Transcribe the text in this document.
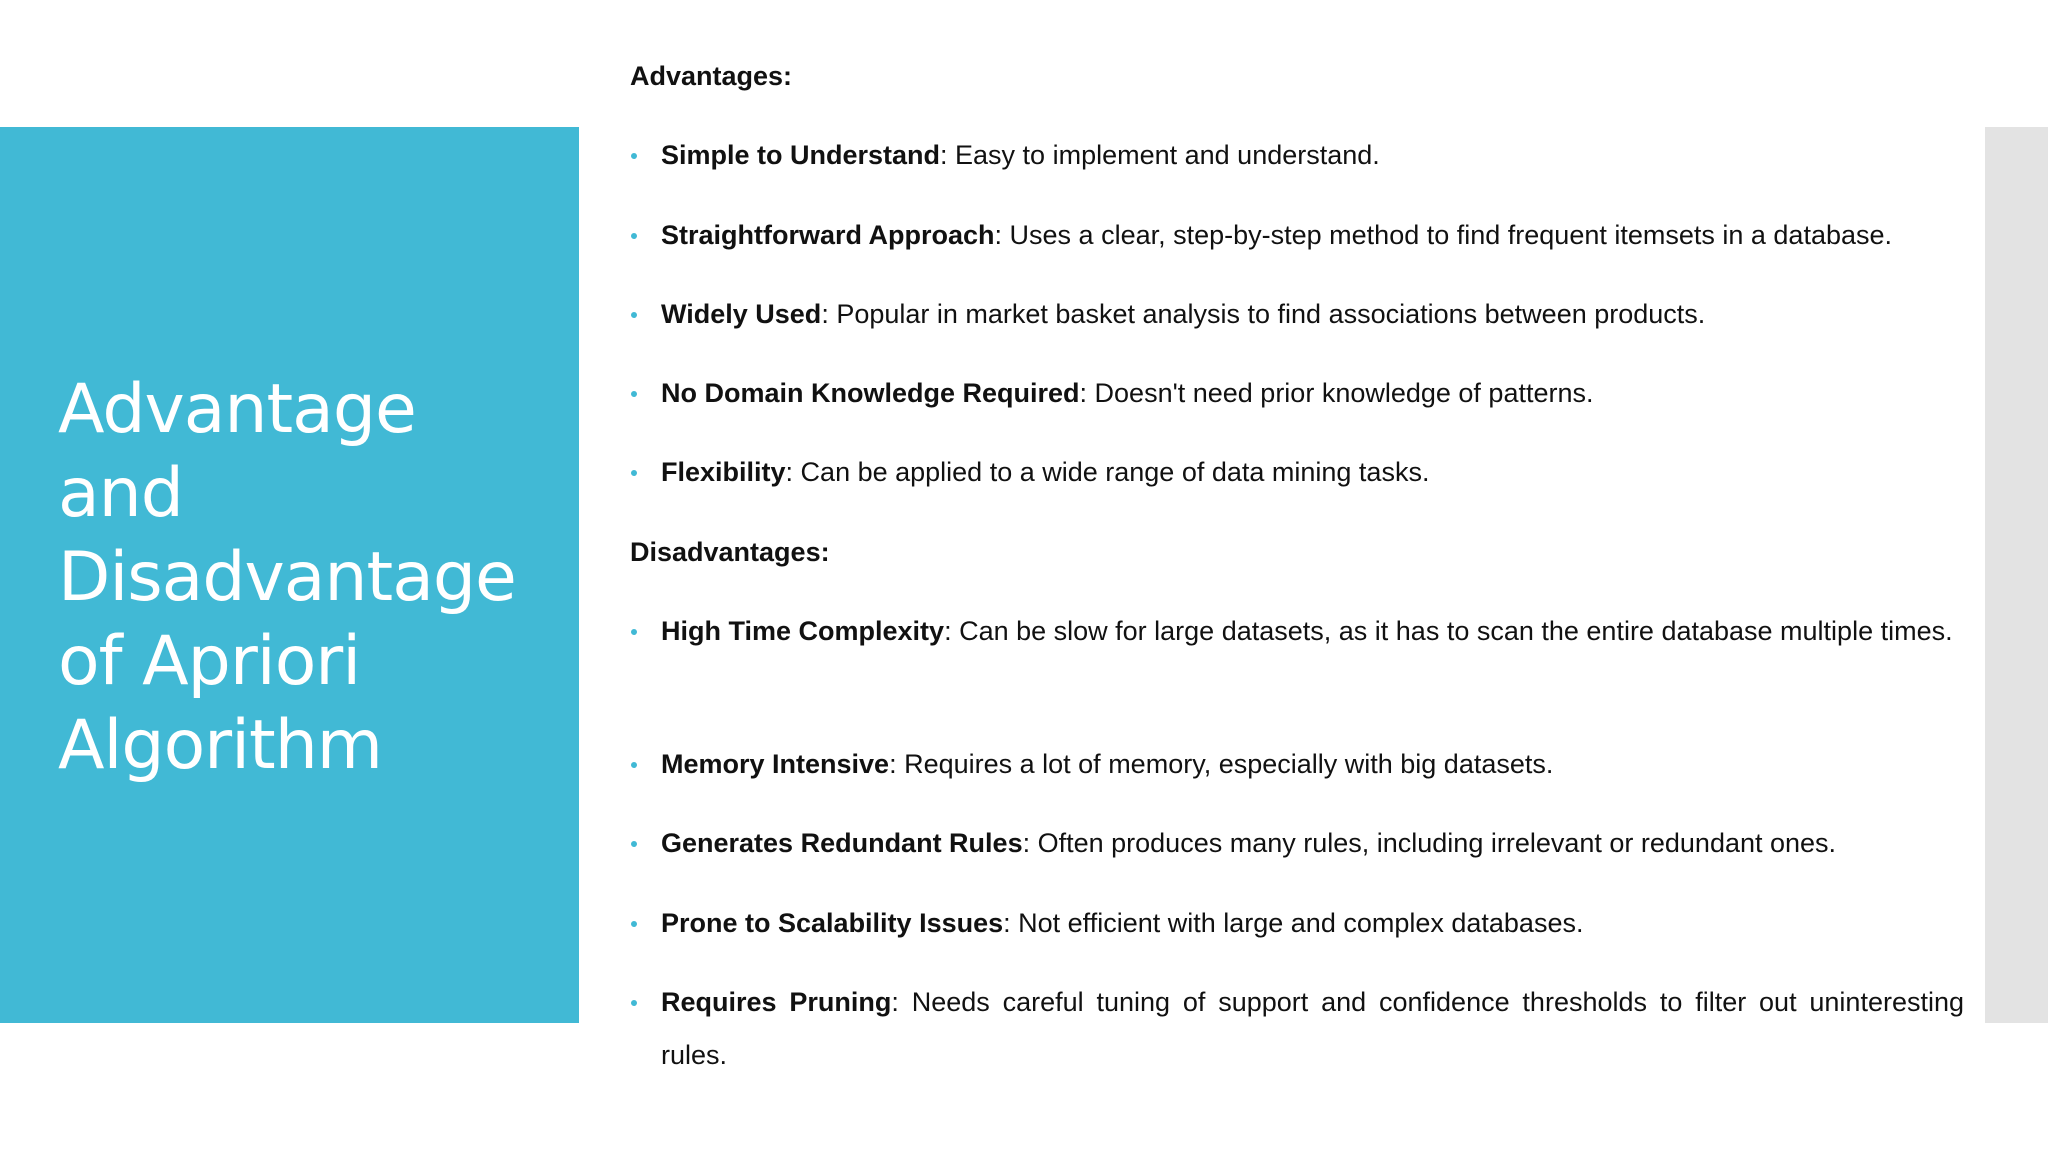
Advantage and Disadvantage of Apriori Algorithm
Advantages:
Simple to Understand: Easy to implement and understand.
Straightforward Approach: Uses a clear, step-by-step method to find frequent itemsets in a database.
Widely Used: Popular in market basket analysis to find associations between products.
No Domain Knowledge Required: Doesn't need prior knowledge of patterns.
Flexibility: Can be applied to a wide range of data mining tasks.
Disadvantages:
High Time Complexity: Can be slow for large datasets, as it has to scan the entire database multiple times.
Memory Intensive: Requires a lot of memory, especially with big datasets.
Generates Redundant Rules: Often produces many rules, including irrelevant or redundant ones.
Prone to Scalability Issues: Not efficient with large and complex databases.
Requires Pruning: Needs careful tuning of support and confidence thresholds to filter out uninteresting rules.
